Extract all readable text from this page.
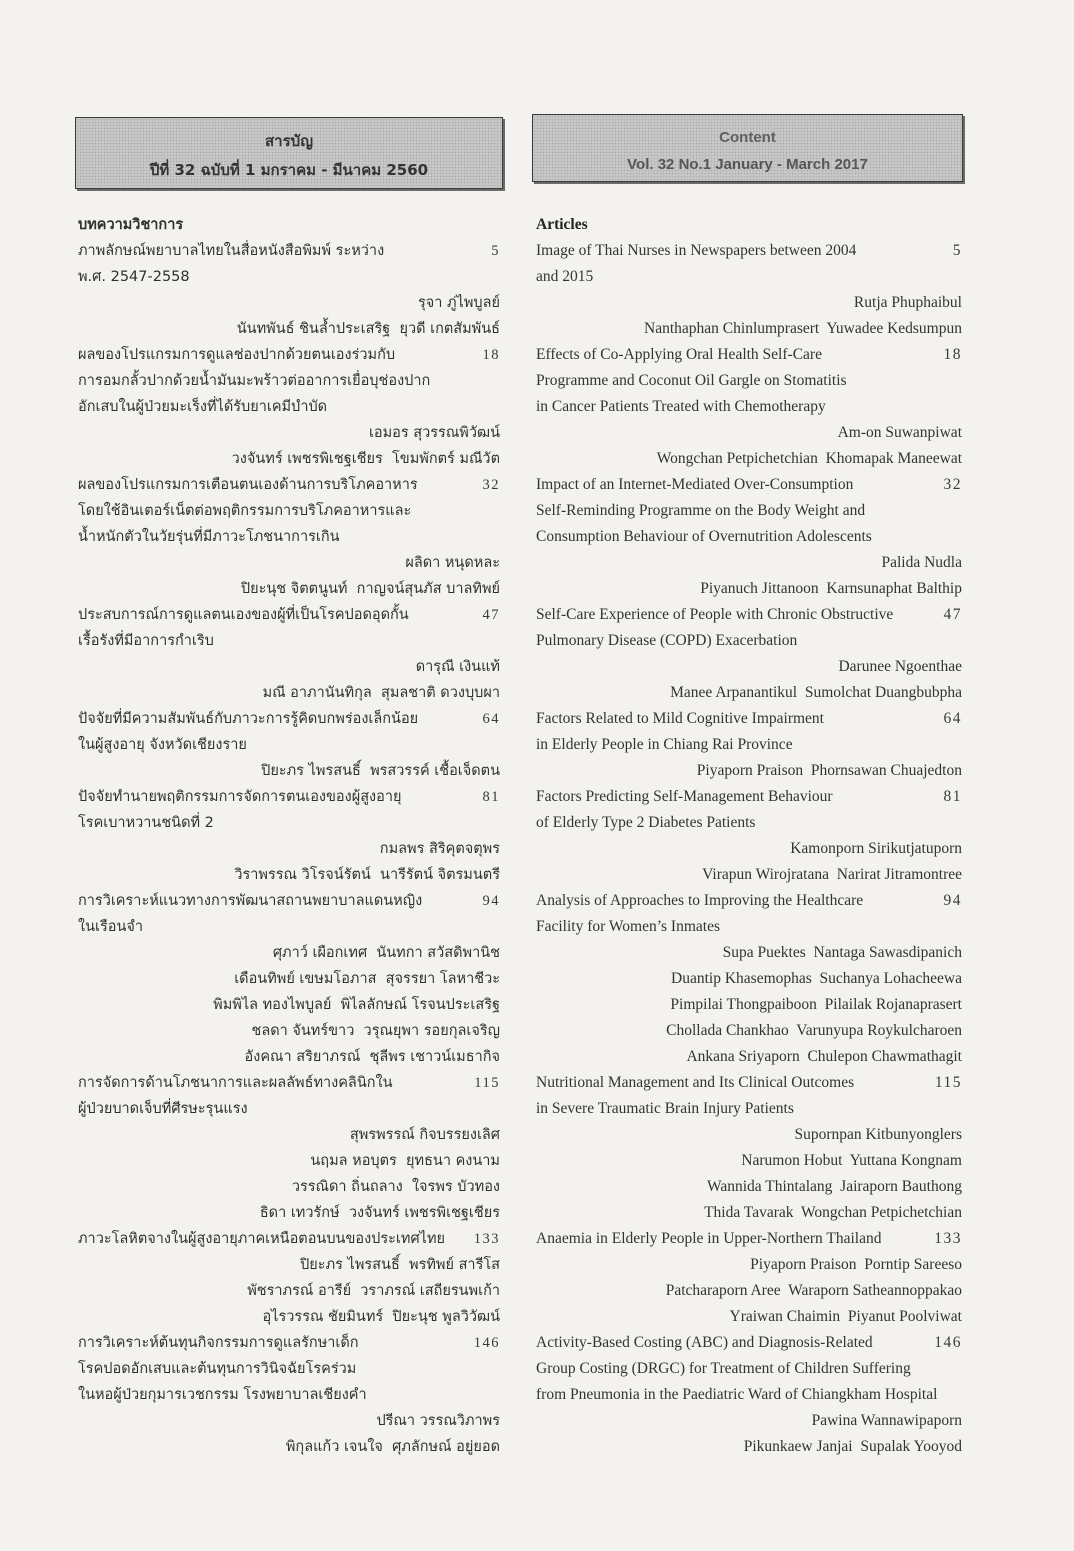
สารบัญ
ปีที่ 32 ฉบับที่ 1 มกราคม - มีนาคม 2560
Content
Vol. 32 No.1 January - March 2017
บทความวิชาการ
ภาพลักษณ์พยาบาลไทยในสื่อหนังสือพิมพ์ ระหว่าง	5
พ.ศ. 2547-2558
รุจา ภู่ไพบูลย์
นันทพันธ์ ชินล้ำประเสริฐ  ยุวดี เกตสัมพันธ์
ผลของโปรแกรมการดูแลช่องปากด้วยตนเองร่วมกับ	18
การอมกลั้วปากด้วยน้ำมันมะพร้าวต่ออาการเยื่อบุช่องปาก
อักเสบในผู้ป่วยมะเร็งที่ได้รับยาเคมีบำบัด
เอมอร สุวรรณพิวัฒน์
วงจันทร์ เพชรพิเชฐเชียร  โขมพักตร์ มณีวัต
ผลของโปรแกรมการเตือนตนเองด้านการบริโภคอาหาร	32
โดยใช้อินเตอร์เน็ตต่อพฤติกรรมการบริโภคอาหารและ
น้ำหนักตัวในวัยรุ่นที่มีภาวะโภชนาการเกิน
ผลิดา หนุดหละ
ปิยะนุช จิตตนูนท์  กาญจน์สุนภัส บาลทิพย์
ประสบการณ์การดูแลตนเองของผู้ที่เป็นโรคปอดอุดกั้น	47
เรื้อรังที่มีอาการกำเริบ
ดารุณี เงินแท้
มณี อาภานันทิกุล  สุมลชาติ ดวงบุบผา
ปัจจัยที่มีความสัมพันธ์กับภาวะการรู้คิดบกพร่องเล็กน้อย	64
ในผู้สูงอายุ จังหวัดเชียงราย
ปิยะภร ไพรสนธิ์  พรสวรรค์ เชื้อเจ็ดตน
ปัจจัยทำนายพฤติกรรมการจัดการตนเองของผู้สูงอายุ	81
โรคเบาหวานชนิดที่ 2
กมลพร สิริคุตจตุพร
วิราพรรณ วิโรจน์รัตน์  นารีรัตน์ จิตรมนตรี
การวิเคราะห์แนวทางการพัฒนาสถานพยาบาลแดนหญิง	94
ในเรือนจำ
ศุภาว์ เผือกเทศ  นันทกา สวัสดิพานิช
เดือนทิพย์ เขษมโอภาส  สุจรรยา โลหาชีวะ
พิมพิไล ทองไพบูลย์  พิไลลักษณ์ โรจนประเสริฐ
ชลดา จันทร์ขาว  วรุณยุพา รอยกุลเจริญ
อังคณา สริยาภรณ์  ชุลีพร เชาวน์เมธากิจ
การจัดการด้านโภชนาการและผลลัพธ์ทางคลินิกใน	115
ผู้ป่วยบาดเจ็บที่ศีรษะรุนแรง
สุพรพรรณ์ กิจบรรยงเลิศ
นฤมล หอบุตร  ยุทธนา คงนาม
วรรณิดา ถิ่นถลาง  ใจรพร บัวทอง
ธิดา เทวรักษ์  วงจันทร์ เพชรพิเชฐเชียร
ภาวะโลหิตจางในผู้สูงอายุภาคเหนือตอนบนของประเทศไทย 133
ปิยะภร ไพรสนธิ์  พรทิพย์ สารีโส
พัชราภรณ์ อารีย์  วราภรณ์ เสถียรนพเก้า
อุไรวรรณ ชัยมินทร์  ปิยะนุช พูลวิวัฒน์
การวิเคราะห์ต้นทุนกิจกรรมการดูแลรักษาเด็ก	146
โรคปอดอักเสบและต้นทุนการวินิจฉัยโรคร่วม
ในหอผู้ป่วยกุมารเวชกรรม โรงพยาบาลเชียงคำ
ปรีณา วรรณวิภาพร
พิกุลแก้ว เจนใจ  ศุภลักษณ์ อยู่ยอด
Articles
Image of Thai Nurses in Newspapers between 2004	5
and 2015
Rutja Phuphaibul
Nanthaphan Chinlumprasert  Yuwadee Kedsumpun
Effects of Co-Applying Oral Health Self-Care	18
Programme and Coconut Oil Gargle on Stomatitis
in Cancer Patients Treated with Chemotherapy
Am-on Suwanpiwat
Wongchan Petpichetchian  Khomapak Maneewat
Impact of an Internet-Mediated Over-Consumption	32
Self-Reminding Programme on the Body Weight and
Consumption Behaviour of Overnutrition Adolescents
Palida Nudla
Piyanuch Jittanoon  Karnsunaphat Balthip
Self-Care Experience of People with Chronic Obstructive	47
Pulmonary Disease (COPD) Exacerbation
Darunee Ngoenthae
Manee Arpanantikul  Sumolchat Duangbubpha
Factors Related to Mild Cognitive Impairment	64
in Elderly People in Chiang Rai Province
Piyaporn Praison  Phornsawan Chuajedton
Factors Predicting Self-Management Behaviour	81
of Elderly Type 2 Diabetes Patients
Kamonporn Sirikutjatuporn
Virapun Wirojratana  Narirat Jitramontree
Analysis of Approaches to Improving the Healthcare	94
Facility for Women’s Inmates
Supa Puektes  Nantaga Sawasdipanich
Duantip Khasemophas  Suchanya Lohacheewa
Pimpilai Thongpaiboon  Pilailak Rojanaprasert
Chollada Chankhao  Varunyupa Roykulcharoen
Ankana Sriyaporn  Chulepon Chawmathagit
Nutritional Management and Its Clinical Outcomes	115
in Severe Traumatic Brain Injury Patients
Supornpan Kitbunyonglers
Narumon Hobut  Yuttana Kongnam
Wannida Thintalang  Jairaporn Bauthong
Thida Tavarak  Wongchan Petpichetchian
Anaemia in Elderly People in Upper-Northern Thailand	133
Piyaporn Praison  Porntip Sareeso
Patcharaporn Aree  Waraporn Satheannoppakao
Yraiwan Chaimin  Piyanut Poolviwat
Activity-Based Costing (ABC) and Diagnosis-Related	146
Group Costing (DRGC) for Treatment of Children Suffering
from Pneumonia in the Paediatric Ward of Chiangkham Hospital
Pawina Wannawipaporn
Pikunkaew Janjai  Supalak Yooyod
